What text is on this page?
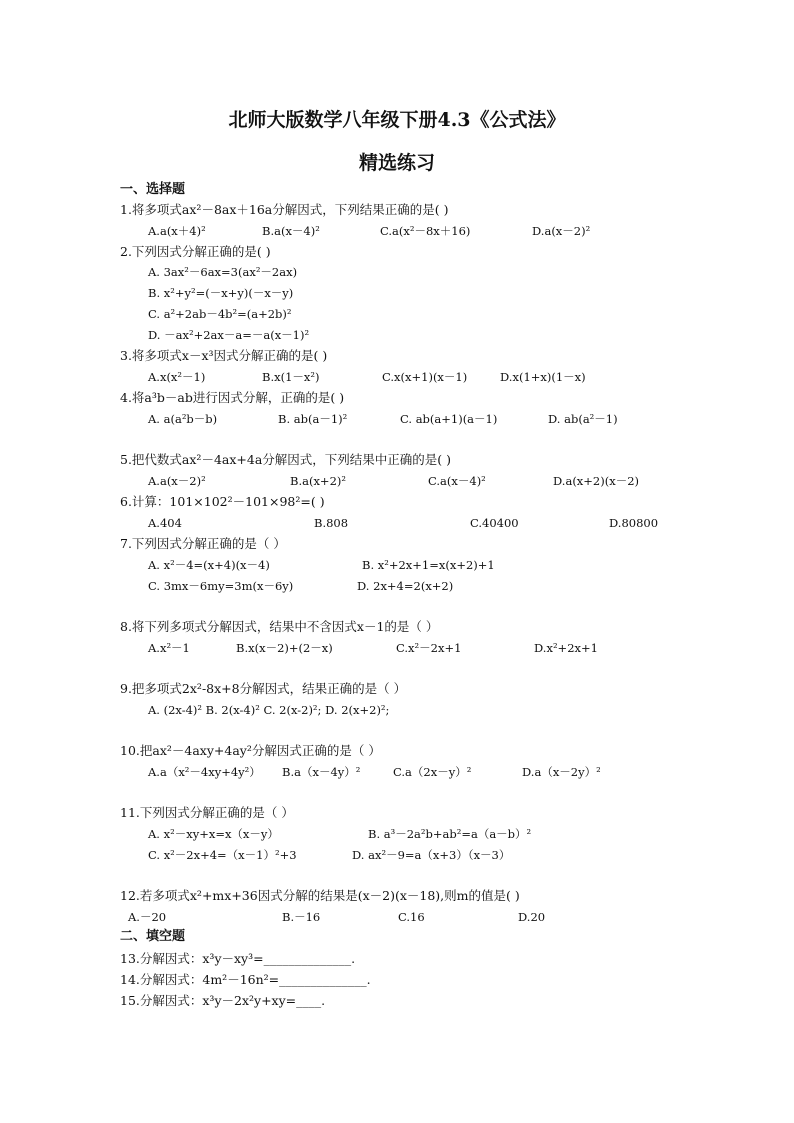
北师大版数学八年级下册4.3《公式法》
精选练习
一、选择题
1.将多项式ax²－8ax＋16a分解因式，下列结果正确的是( )
A.a(x＋4)²	B.a(x－4)²	C.a(x²－8x＋16)	D.a(x－2)²
2.下列因式分解正确的是( )
A. 3ax²－6ax=3(ax²－2ax)
B. x²+y²=(－x+y)(－x－y)
C. a²+2ab－4b²=(a+2b)²
D. －ax²+2ax－a=－a(x－1)²
3.将多项式x－x³因式分解正确的是( )
A.x(x²－1)	B.x(1－x²)	C.x(x+1)(x－1)	D.x(1+x)(1－x)
4.将a³b－ab进行因式分解，正确的是( )
A. a(a²b－b)	B. ab(a－1)²	C. ab(a+1)(a－1)	D. ab(a²－1)
5.把代数式ax²－4ax+4a分解因式，下列结果中正确的是( )
A.a(x－2)²	B.a(x+2)²	C.a(x－4)²	D.a(x+2)(x－2)
6.计算：101×102²－101×98²=( )
A.404	B.808	C.40400	D.80800
7.下列因式分解正确的是（ ）
A. x²－4=(x+4)(x－4)	B. x²+2x+1=x(x+2)+1
C. 3mx－6my=3m(x－6y)	D. 2x+4=2(x+2)
8.将下列多项式分解因式，结果中不含因式x－1的是（ ）
A.x²－1	B.x(x－2)+(2－x)	C.x²－2x+1	D.x²+2x+1
9.把多项式2x²-8x+8分解因式，结果正确的是（ ）
A. (2x-4)² B. 2(x-4)² C. 2(x-2)²; D. 2(x+2)²;
10.把ax²－4axy+4ay²分解因式正确的是（ ）
A.a（x²－4xy+4y²） B.a（x－4y）²	C.a（2x－y）²	D.a（x－2y）²
11.下列因式分解正确的是（ ）
A. x²－xy+x=x（x－y）	B. a³－2a²b+ab²=a（a－b）²
C. x²－2x+4=（x－1）²+3	D. ax²－9=a（x+3）（x－3）
12.若多项式x²+mx+36因式分解的结果是(x－2)(x－18),则m的值是( )
A.－20	B.－16	C.16	D.20
二、填空题
13.分解因式：x³y－xy³=______________.
14.分解因式：4m²－16n²=______________.
15.分解因式：x³y－2x²y+xy=____.
